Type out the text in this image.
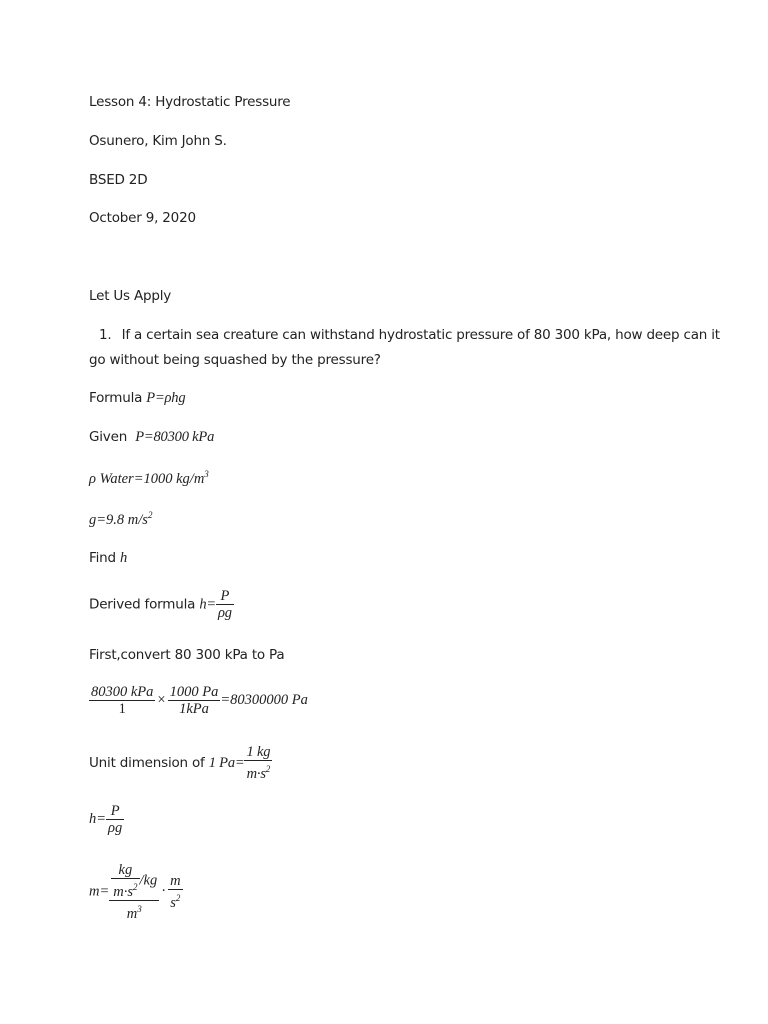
Lesson 4: Hydrostatic Pressure
Osunero, Kim John S.
BSED 2D
October 9, 2020
Let Us Apply
1. If a certain sea creature can withstand hydrostatic pressure of 80 300 kPa, how deep can it
go without being squashed by the pressure?
Formula P=ρhg
Given P=80300 kPa
ρ Water=1000 $kg/m^3$
g=9.8 $m/s^2$
Find h
Derived formula $h= \frac{P}{\rho g}$
First,convert 80 300 kPa to Pa
$\frac{\text{80300 kPa}}{1} \times \frac{1000 Pa}{\text{1kPa}} =80300000$ Pa
Unit dimension of 1 $Pa= \frac{1 kg}{m\cdot s^2}$
$h= \frac{P}{\rho g}$
$m= \frac{\frac{kg}{m\cdot s^2} /kg}{m^3} \cdot \frac{m}{s^2}$
